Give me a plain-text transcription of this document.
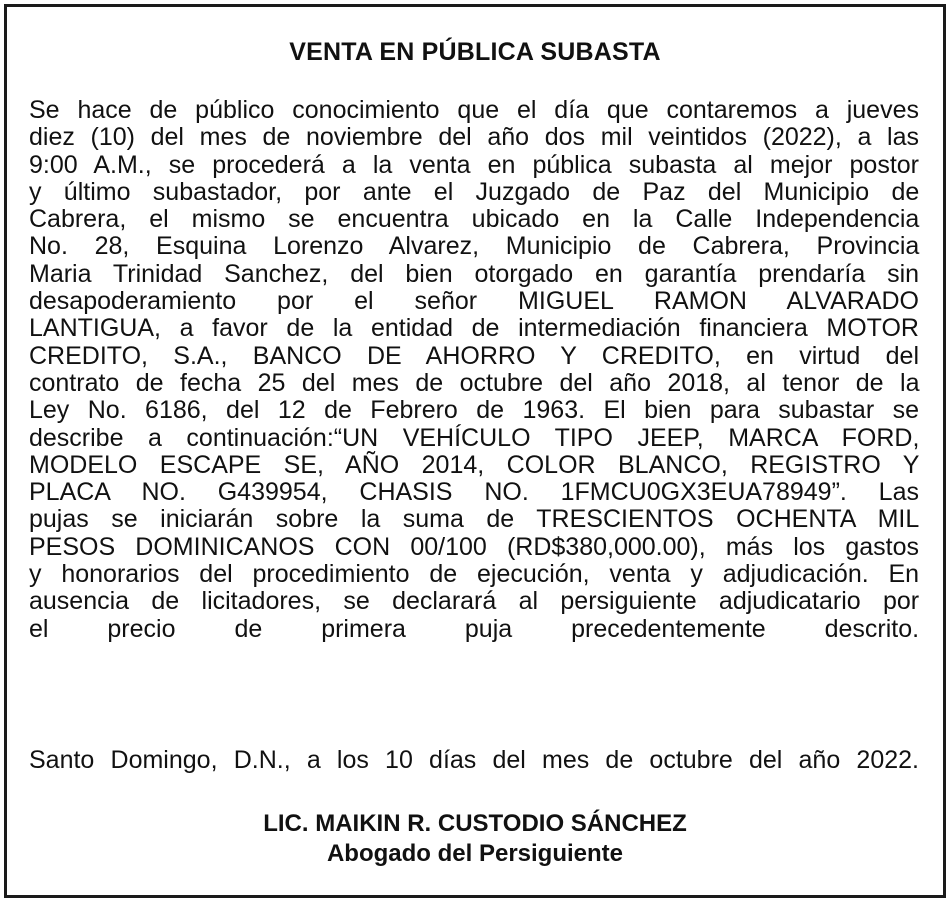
VENTA EN PÚBLICA SUBASTA
Se hace de público conocimiento que el día que contaremos a jueves
diez (10) del mes de noviembre del año dos mil veintidos (2022), a las
9:00 A.M., se procederá a la venta en pública subasta al mejor postor
y último subastador, por ante el Juzgado de Paz del Municipio de
Cabrera, el mismo se encuentra ubicado en la Calle Independencia
No. 28, Esquina Lorenzo Alvarez, Municipio de Cabrera, Provincia
Maria Trinidad Sanchez, del bien otorgado en garantía prendaría sin
desapoderamiento por el señor MIGUEL RAMON ALVARADO
LANTIGUA, a favor de la entidad de intermediación financiera MOTOR
CREDITO, S.A., BANCO DE AHORRO Y CREDITO, en virtud del
contrato de fecha 25 del mes de octubre del año 2018, al tenor de la
Ley No. 6186, del 12 de Febrero de 1963. El bien para subastar se
describe a continuación:“UN VEHÍCULO TIPO JEEP, MARCA FORD,
MODELO ESCAPE SE, AÑO 2014, COLOR BLANCO, REGISTRO Y
PLACA NO. G439954, CHASIS NO. 1FMCU0GX3EUA78949”. Las
pujas se iniciarán sobre la suma de TRESCIENTOS OCHENTA MIL
PESOS DOMINICANOS CON 00/100 (RD$380,000.00), más los gastos
y honorarios del procedimiento de ejecución, venta y adjudicación. En
ausencia de licitadores, se declarará al persiguiente adjudicatario por
el precio de primera puja precedentemente descrito.
Santo Domingo, D.N., a los 10 días del mes de octubre del año 2022.
LIC. MAIKIN R. CUSTODIO SÁNCHEZ
Abogado del Persiguiente
